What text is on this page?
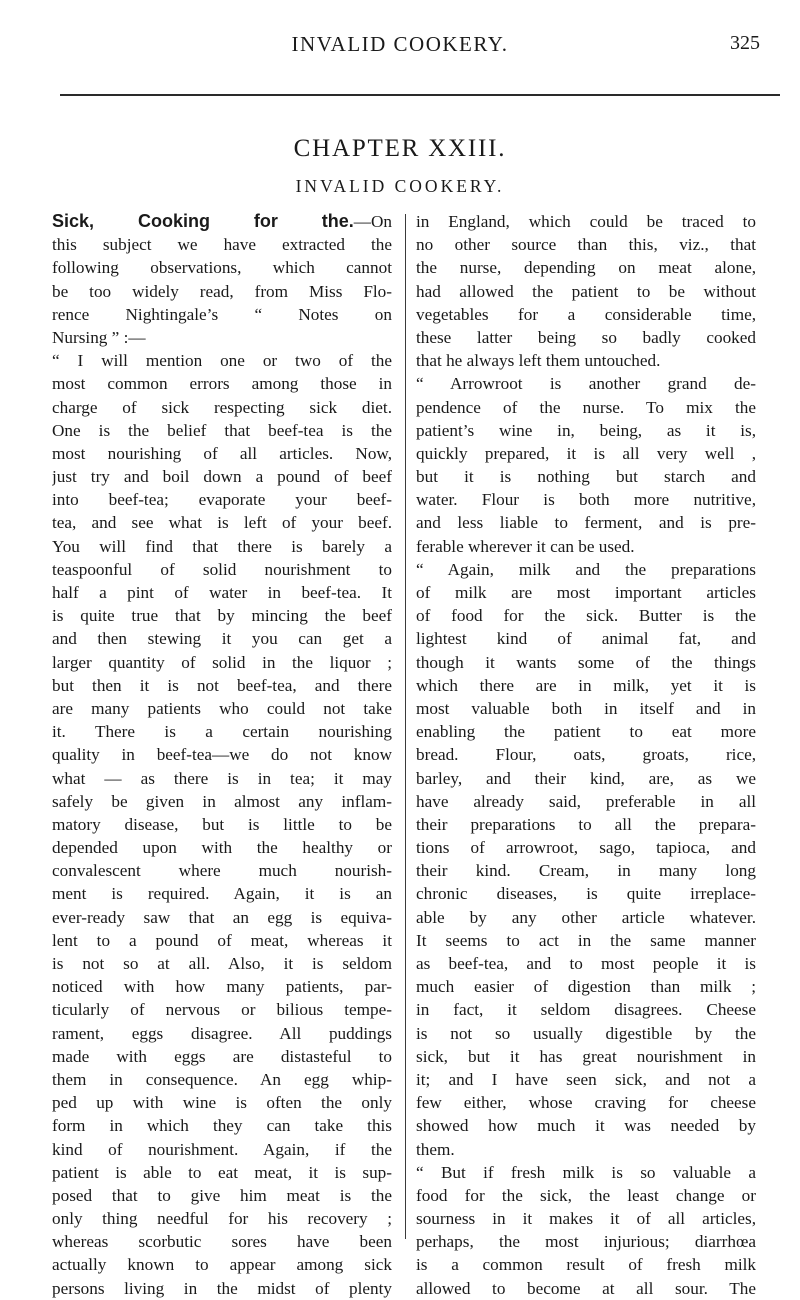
INVALID COOKERY.	325
CHAPTER XXIII.
INVALID COOKERY.
Sick, Cooking for the.—On
this subject we have extracted the
following observations, which cannot
be too widely read, from Miss Flo-
rence Nightingale’s “ Notes on
Nursing ” :—
“ I will mention one or two of the
most common errors among those in
charge of sick respecting sick diet.
One is the belief that beef-tea is the
most nourishing of all articles. Now,
just try and boil down a pound of beef
into beef-tea; evaporate your beef-
tea, and see what is left of your beef.
You will find that there is barely a
teaspoonful of solid nourishment to
half a pint of water in beef-tea. It
is quite true that by mincing the beef
and then stewing it you can get a
larger quantity of solid in the liquor ;
but then it is not beef-tea, and there
are many patients who could not take
it. There is a certain nourishing
quality in beef-tea—we do not know
what — as there is in tea; it may
safely be given in almost any inflam-
matory disease, but is little to be
depended upon with the healthy or
convalescent where much nourish-
ment is required. Again, it is an
ever-ready saw that an egg is equiva-
lent to a pound of meat, whereas it
is not so at all. Also, it is seldom
noticed with how many patients, par-
ticularly of nervous or bilious tempe-
rament, eggs disagree. All puddings
made with eggs are distasteful to
them in consequence. An egg whip-
ped up with wine is often the only
form in which they can take this
kind of nourishment. Again, if the
patient is able to eat meat, it is sup-
posed that to give him meat is the
only thing needful for his recovery ;
whereas scorbutic sores have been
actually known to appear among sick
persons living in the midst of plenty
in England, which could be traced to
no other source than this, viz., that
the nurse, depending on meat alone,
had allowed the patient to be without
vegetables for a considerable time,
these latter being so badly cooked
that he always left them untouched.
“ Arrowroot is another grand de-
pendence of the nurse. To mix the
patient’s wine in, being, as it is,
quickly prepared, it is all very well ,
but it is nothing but starch and
water. Flour is both more nutritive,
and less liable to ferment, and is pre-
ferable wherever it can be used.
“ Again, milk and the preparations
of milk are most important articles
of food for the sick. Butter is the
lightest kind of animal fat, and
though it wants some of the things
which there are in milk, yet it is
most valuable both in itself and in
enabling the patient to eat more
bread. Flour, oats, groats, rice,
barley, and their kind, are, as we
have already said, preferable in all
their preparations to all the prepara-
tions of arrowroot, sago, tapioca, and
their kind. Cream, in many long
chronic diseases, is quite irreplace-
able by any other article whatever.
It seems to act in the same manner
as beef-tea, and to most people it is
much easier of digestion than milk ;
in fact, it seldom disagrees. Cheese
is not so usually digestible by the
sick, but it has great nourishment in
it; and I have seen sick, and not a
few either, whose craving for cheese
showed how much it was needed by
them.
“ But if fresh milk is so valuable a
food for the sick, the least change or
sourness in it makes it of all articles,
perhaps, the most injurious; diarrhœa
is a common result of fresh milk
allowed to become at all sour. The
